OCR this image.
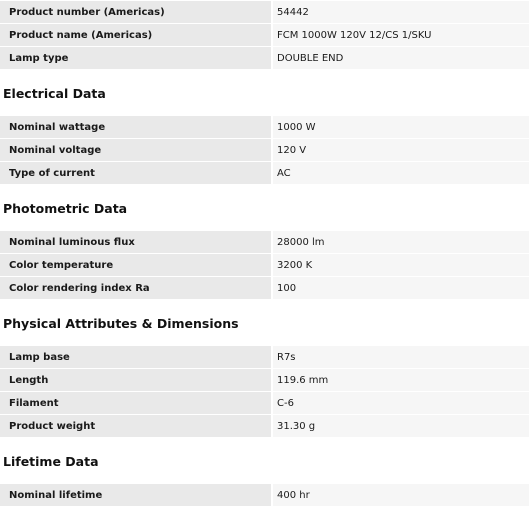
Product number (Americas)	54442
Product name (Americas)	FCM 1000W 120V 12/CS 1/SKU
Lamp type	DOUBLE END
Electrical Data
Nominal wattage	1000 W
Nominal voltage	120 V
Type of current	AC
Photometric Data
Nominal luminous flux	28000 lm
Color temperature	3200 K
Color rendering index Ra	100
Physical Attributes & Dimensions
Lamp base	R7s
Length	119.6 mm
Filament	C-6
Product weight	31.30 g
Lifetime Data
Nominal lifetime	400 hr
